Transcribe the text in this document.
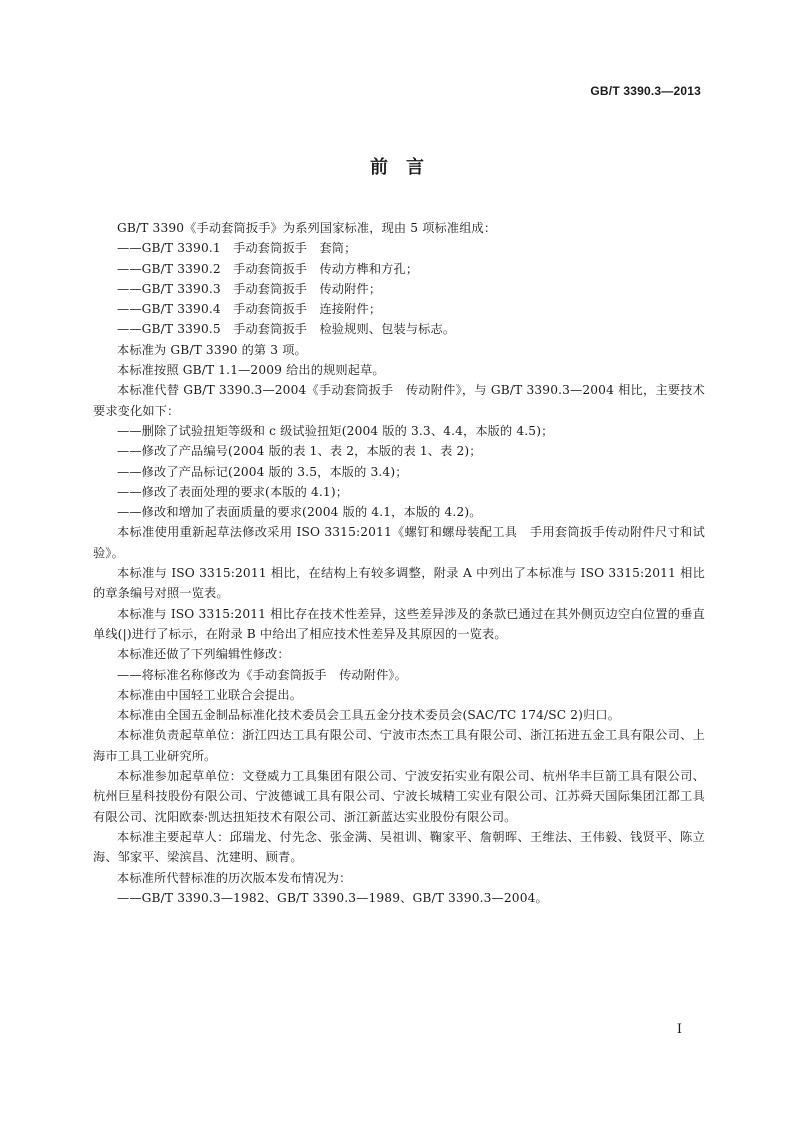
GB/T 3390.3—2013
前　言

GB/T 3390《手动套筒扳手》为系列国家标准，现由 5 项标准组成：

——GB/T 3390.1　手动套筒扳手　套筒；

——GB/T 3390.2　手动套筒扳手　传动方榫和方孔；

——GB/T 3390.3　手动套筒扳手　传动附件；

——GB/T 3390.4　手动套筒扳手　连接附件；

——GB/T 3390.5　手动套筒扳手　检验规则、包装与标志。

本标准为 GB/T 3390 的第 3 项。

本标准按照 GB/T 1.1—2009 给出的规则起草。

本标准代替 GB/T 3390.3—2004《手动套筒扳手　传动附件》，与 GB/T 3390.3—2004 相比，主要技术要求变化如下：

——删除了试验扭矩等级和 c 级试验扭矩(2004 版的 3.3、4.4，本版的 4.5)；

——修改了产品编号(2004 版的表 1、表 2，本版的表 1、表 2)；

——修改了产品标记(2004 版的 3.5，本版的 3.4)；

——修改了表面处理的要求(本版的 4.1)；

——修改和增加了表面质量的要求(2004 版的 4.1，本版的 4.2)。

本标准使用重新起草法修改采用 ISO 3315:2011《螺钉和螺母装配工具　手用套筒扳手传动附件尺寸和试验》。

本标准与 ISO 3315:2011 相比，在结构上有较多调整，附录 A 中列出了本标准与 ISO 3315:2011 相比的章条编号对照一览表。

本标准与 ISO 3315:2011 相比存在技术性差异，这些差异涉及的条款已通过在其外侧页边空白位置的垂直单线(|)进行了标示，在附录 B 中给出了相应技术性差异及其原因的一览表。

本标准还做了下列编辑性修改：

——将标准名称修改为《手动套筒扳手　传动附件》。

本标准由中国轻工业联合会提出。

本标准由全国五金制品标准化技术委员会工具五金分技术委员会(SAC/TC 174/SC 2)归口。

本标准负责起草单位：浙江四达工具有限公司、宁波市杰杰工具有限公司、浙江拓进五金工具有限公司、上海市工具工业研究所。

本标准参加起草单位：文登威力工具集团有限公司、宁波安拓实业有限公司、杭州华丰巨箭工具有限公司、杭州巨星科技股份有限公司、宁波德诚工具有限公司、宁波长城精工实业有限公司、江苏舜天国际集团江都工具有限公司、沈阳欧泰·凯达扭矩技术有限公司、浙江新蓝达实业股份有限公司。

本标准主要起草人：邱瑞龙、付先念、张金满、吴祖训、鞠家平、詹朝晖、王维法、王伟毅、钱贤平、陈立海、邹家平、梁滨昌、沈建明、顾青。

本标准所代替标准的历次版本发布情况为：

——GB/T 3390.3—1982、GB/T 3390.3—1989、GB/T 3390.3—2004。

I
